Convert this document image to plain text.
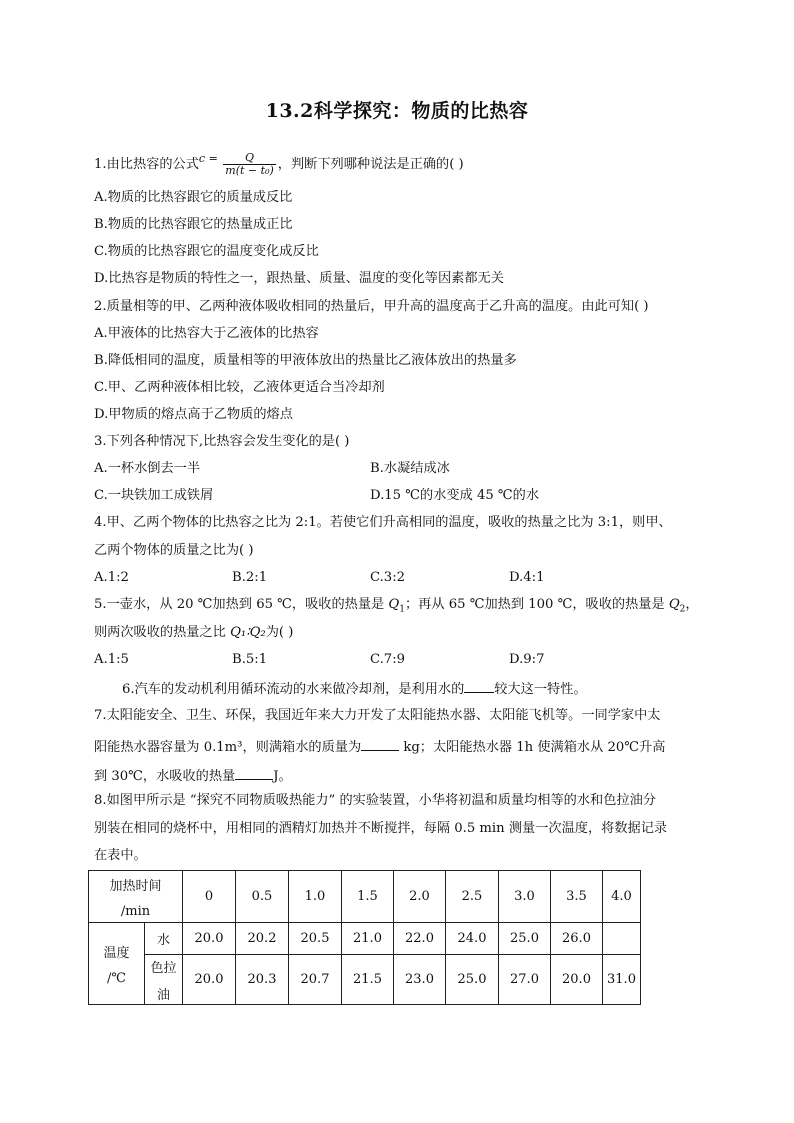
13.2科学探究：物质的比热容
1.由比热容的公式$^c$ $^= \frac{Q}{\text{m(t − t₀)}}$ ，判断下列哪种说法是正确的( )
A.物质的比热容跟它的质量成反比
B.物质的比热容跟它的热量成正比
C.物质的比热容跟它的温度变化成反比
D.比热容是物质的特性之一，跟热量、质量、温度的变化等因素都无关
2.质量相等的甲、乙两种液体吸收相同的热量后，甲升高的温度高于乙升高的温度。由此可知( )
A.甲液体的比热容大于乙液体的比热容
B.降低相同的温度，质量相等的甲液体放出的热量比乙液体放出的热量多
C.甲、乙两种液体相比较，乙液体更适合当冷却剂
D.甲物质的熔点高于乙物质的熔点
3.下列各种情况下,比热容会发生变化的是( )
A.一杯水倒去一半	B.水凝结成冰
C.一块铁加工成铁屑	D.15 ℃的水变成 45 ℃的水
4.甲、乙两个物体的比热容之比为 2:1。若使它们升高相同的温度，吸收的热量之比为 3:1，则甲、
乙两个物体的质量之比为( )
A.1:2	B.2:1	C.3:2	D.4:1
5.一壶水，从 20 ℃加热到 65 ℃，吸收的热量是 $Q_1$；再从 65 ℃加热到 100 ℃，吸收的热量是 $Q_2$，
则两次吸收的热量之比 Q₁∶Q₂为( )
A.1:5	B.5:1	C.7:9	D.9:7
6.汽车的发动机利用循环流动的水来做冷却剂，是利用水的 较大这一特性。
7.太阳能安全、卫生、环保，我国近年来大力开发了太阳能热水器、太阳能飞机等。一同学家中太
阳能热水器容量为 0.1m³，则满箱水的质量为	kg；太阳能热水器 1h 使满箱水从 20℃升高
到 30℃，水吸收的热量	J。
8.如图甲所示是 “探究不同物质吸热能力” 的实验装置，小华将初温和质量均相等的水和色拉油分
别装在相同的烧杯中，用相同的酒精灯加热并不断搅拌，每隔 0.5 min 测量一次温度，将数据记录
在表中。
加热时间
/min		0	0.5	1.0	1.5	2.0	2.5	3.0	3.5	4.0

温度
/℃	水	20.0	20.2	20.5	21.0	22.0	24.0	25.0	26.0	

	色拉
油	20.0	20.3	20.7	21.5	23.0	25.0	27.0	20.0	31.0
